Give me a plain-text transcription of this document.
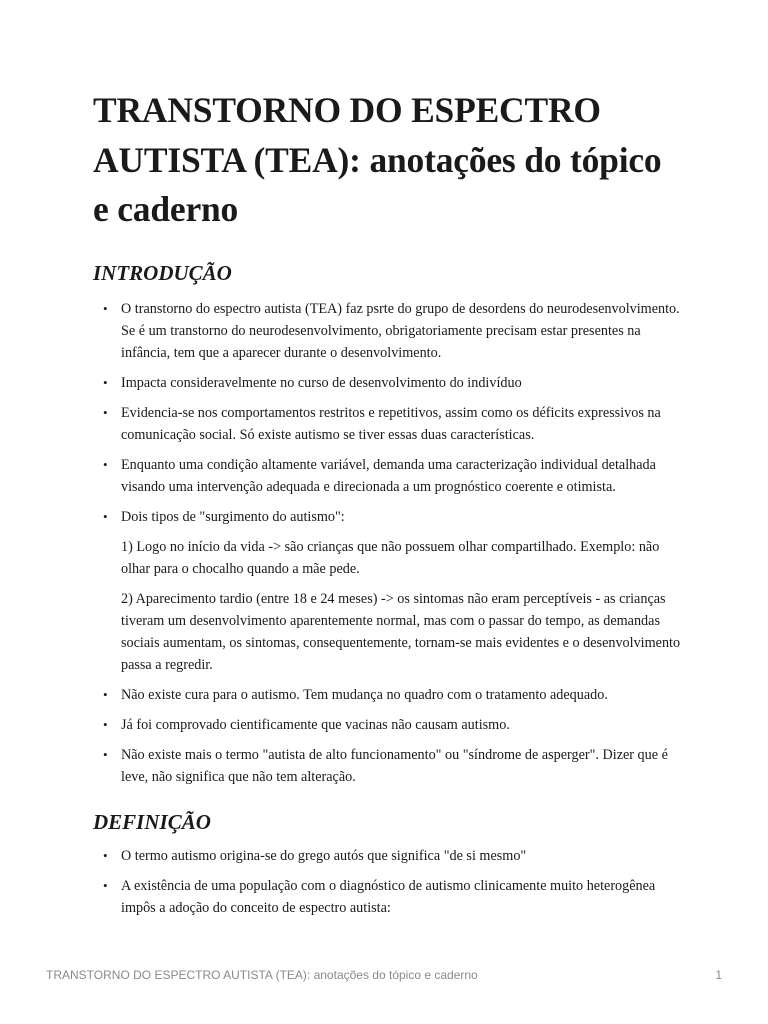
TRANSTORNO DO ESPECTRO AUTISTA (TEA): anotações do tópico e caderno
INTRODUÇÃO
• O transtorno do espectro autista (TEA) faz psrte do grupo de desordens do neurodesenvolvimento. Se é um transtorno do neurodesenvolvimento, obrigatoriamente precisam estar presentes na infância, tem que a aparecer durante o desenvolvimento.

• Impacta consideravelmente no curso de desenvolvimento do indivíduo

• Evidencia-se nos comportamentos restritos e repetitivos, assim como os déficits expressivos na comunicação social. Só existe autismo se tiver essas duas características.

• Enquanto uma condição altamente variável, demanda uma caracterização individual detalhada visando uma intervenção adequada e direcionada a um prognóstico coerente e otimista.

• Dois tipos de "surgimento do autismo":

1) Logo no início da vida -> são crianças que não possuem olhar compartilhado. Exemplo: não olhar para o chocalho quando a mãe pede.

2) Aparecimento tardio (entre 18 e 24 meses) -> os sintomas não eram perceptíveis - as crianças tiveram um desenvolvimento aparentemente normal, mas com o passar do tempo, as demandas sociais aumentam, os sintomas, consequentemente, tornam-se mais evidentes e o desenvolvimento passa a regredir.

• Não existe cura para o autismo. Tem mudança no quadro com o tratamento adequado.

• Já foi comprovado cientificamente que vacinas não causam autismo.

• Não existe mais o termo "autista de alto funcionamento" ou "síndrome de asperger". Dizer que é leve, não significa que não tem alteração.

DEFINIÇÃO
• O termo autismo origina-se do grego autós que significa "de si mesmo"

• A existência de uma população com o diagnóstico de autismo clinicamente muito heterogênea impôs a adoção do conceito de espectro autista:

TRANSTORNO DO ESPECTRO AUTISTA (TEA): anotações do tópico e caderno	1
